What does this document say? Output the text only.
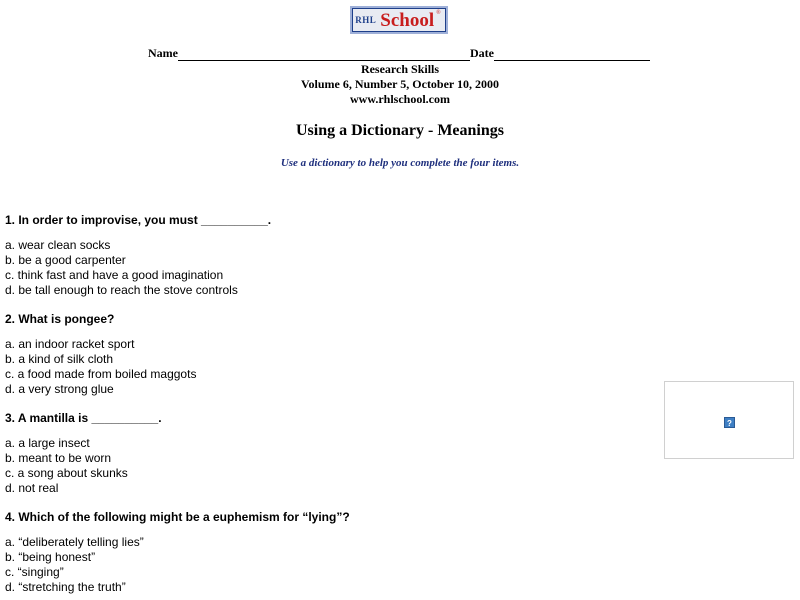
RHL School ®
Name	Date
Research Skills
Volume 6, Number 5, October 10, 2000
www.rhlschool.com
Using a Dictionary - Meanings
Use a dictionary to help you complete the four items.
1. In order to improvise, you must __________.
a. wear clean socks
b. be a good carpenter
c. think fast and have a good imagination
d. be tall enough to reach the stove controls
2. What is pongee?
a. an indoor racket sport
b. a kind of silk cloth
c. a food made from boiled maggots
d. a very strong glue
3. A mantilla is __________.
a. a large insect
b. meant to be worn
c. a song about skunks
d. not real
4. Which of the following might be a euphemism for “lying”?
a. “deliberately telling lies”
b. “being honest”
c. “singing”
d. “stretching the truth”
?
